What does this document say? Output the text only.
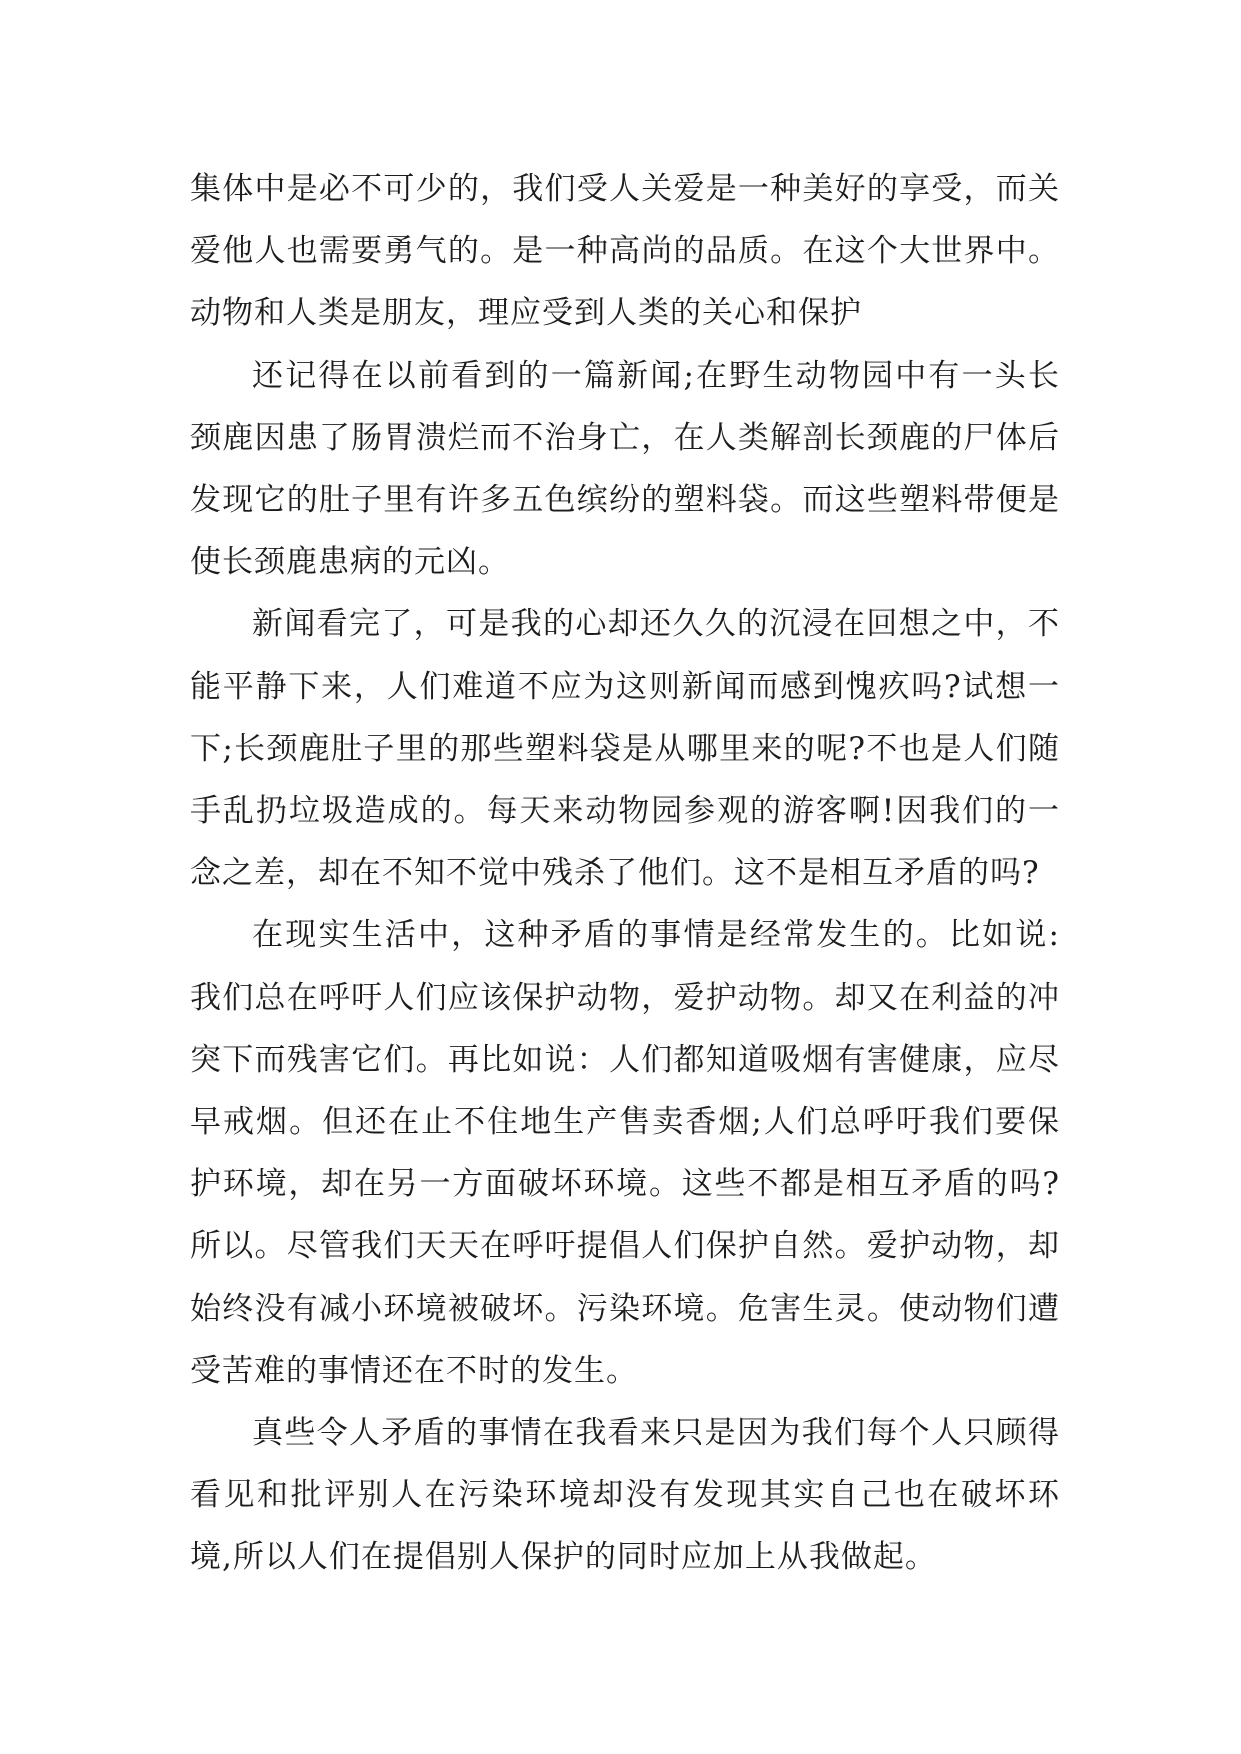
集体中是必不可少的，我们受人关爱是一种美好的享受，而关爱他人也需要勇气的。是一种高尚的品质。在这个大世界中。动物和人类是朋友，理应受到人类的关心和保护

还记得在以前看到的一篇新闻;在野生动物园中有一头长颈鹿因患了肠胃溃烂而不治身亡，在人类解剖长颈鹿的尸体后发现它的肚子里有许多五色缤纷的塑料袋。而这些塑料带便是使长颈鹿患病的元凶。

新闻看完了，可是我的心却还久久的沉浸在回想之中，不能平静下来，人们难道不应为这则新闻而感到愧疚吗?试想一下;长颈鹿肚子里的那些塑料袋是从哪里来的呢?不也是人们随手乱扔垃圾造成的。每天来动物园参观的游客啊!因我们的一念之差，却在不知不觉中残杀了他们。这不是相互矛盾的吗?

在现实生活中，这种矛盾的事情是经常发生的。比如说:我们总在呼吁人们应该保护动物，爱护动物。却又在利益的冲突下而残害它们。再比如说：人们都知道吸烟有害健康，应尽早戒烟。但还在止不住地生产售卖香烟;人们总呼吁我们要保护环境，却在另一方面破坏环境。这些不都是相互矛盾的吗?所以。尽管我们天天在呼吁提倡人们保护自然。爱护动物，却始终没有减小环境被破坏。污染环境。危害生灵。使动物们遭受苦难的事情还在不时的发生。

真些令人矛盾的事情在我看来只是因为我们每个人只顾得看见和批评别人在污染环境却没有发现其实自己也在破坏环境,所以人们在提倡别人保护的同时应加上从我做起。
